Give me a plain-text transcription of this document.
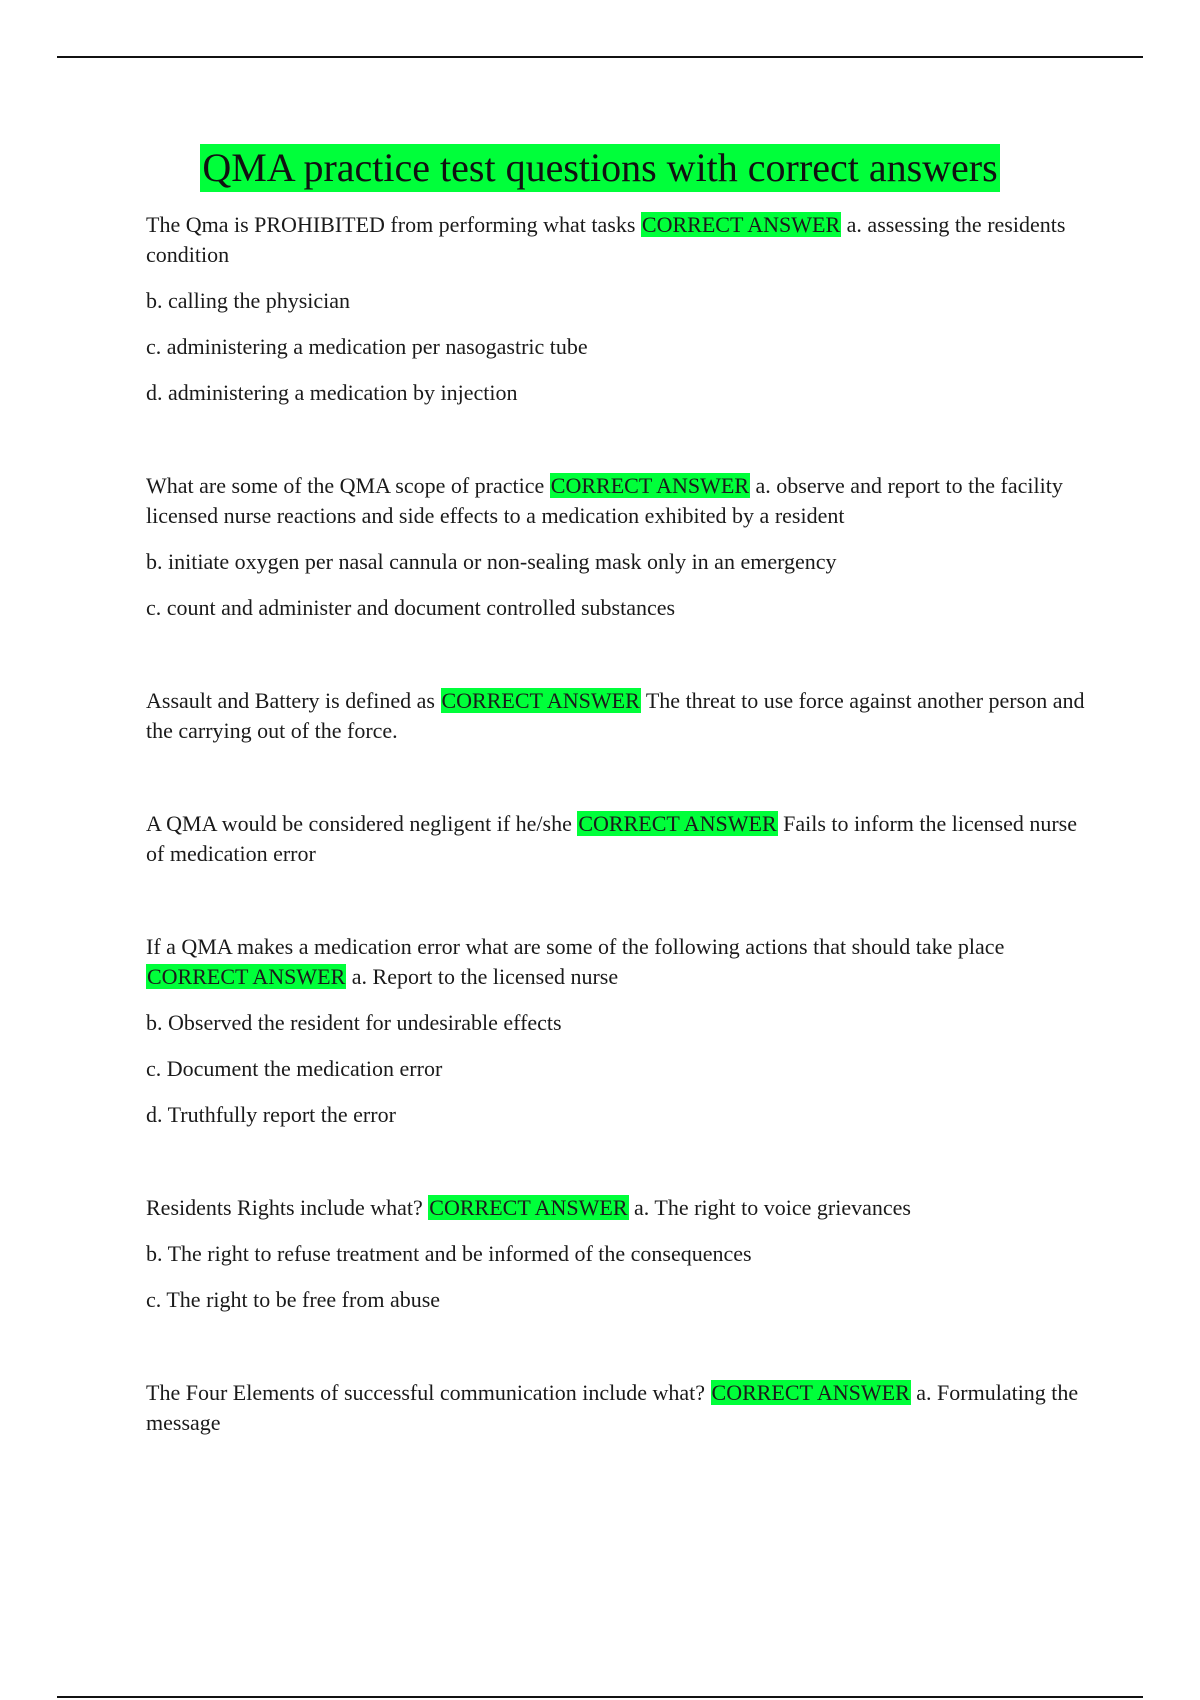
QMA practice test questions with correct answers

The Qma is PROHIBITED from performing what tasks CORRECT ANSWER a. assessing the residents condition

b. calling the physician

c. administering a medication per nasogastric tube

d. administering a medication by injection

What are some of the QMA scope of practice CORRECT ANSWER a. observe and report to the facility licensed nurse reactions and side effects to a medication exhibited by a resident

b. initiate oxygen per nasal cannula or non-sealing mask only in an emergency

c. count and administer and document controlled substances

Assault and Battery is defined as CORRECT ANSWER The threat to use force against another person and the carrying out of the force.

A QMA would be considered negligent if he/she CORRECT ANSWER Fails to inform the licensed nurse of medication error

If a QMA makes a medication error what are some of the following actions that should take place CORRECT ANSWER a. Report to the licensed nurse

b. Observed the resident for undesirable effects

c. Document the medication error

d. Truthfully report the error

Residents Rights include what? CORRECT ANSWER a. The right to voice grievances

b. The right to refuse treatment and be informed of the consequences

c. The right to be free from abuse

The Four Elements of successful communication include what? CORRECT ANSWER a. Formulating the message
